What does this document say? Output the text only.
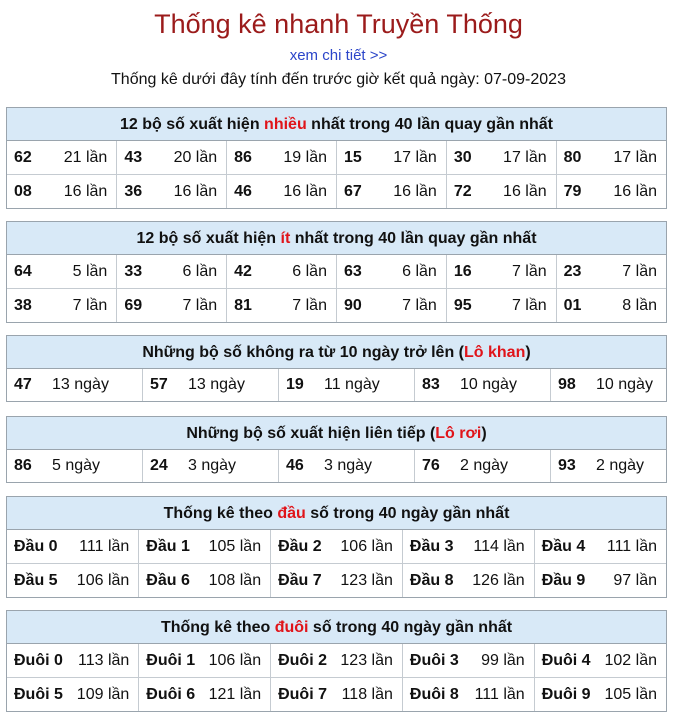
Thống kê nhanh Truyền Thống
xem chi tiết >>
Thống kê dưới đây tính đến trước giờ kết quả ngày: 07-09-2023
12 bộ số xuất hiện nhiều nhất trong 40 lần quay gần nhất
62 21 lần	43 20 lần	86 19 lần	15 17 lần	30 17 lần	80 17 lần

08 16 lần	36 16 lần	46 16 lần	67 16 lần	72 16 lần	79 16 lần
12 bộ số xuất hiện ít nhất trong 40 lần quay gần nhất
64 5 lần	33 6 lần	42 6 lần	63 6 lần	16 7 lần	23 7 lần

38 7 lần	69 7 lần	81 7 lần	90 7 lần	95 7 lần	01 8 lần
Những bộ số không ra từ 10 ngày trở lên (Lô khan)
47 13 ngày	57 13 ngày	19 11 ngày	83 10 ngày	98 10 ngày	
Những bộ số xuất hiện liên tiếp (Lô rơi)
86 5 ngày	24 3 ngày	46 3 ngày	76 2 ngày	93 2 ngày	
Thống kê theo đầu số trong 40 ngày gần nhất
Đầu 0 111 lần	Đầu 1 105 lần	Đầu 2 106 lần	Đầu 3 114 lần	Đầu 4 111 lần

Đầu 5 106 lần	Đầu 6 108 lần	Đầu 7 123 lần	Đầu 8 126 lần	Đầu 9 97 lần
Thống kê theo đuôi số trong 40 ngày gần nhất
Đuôi 0 113 lần	Đuôi 1 106 lần	Đuôi 2 123 lần	Đuôi 3 99 lần	Đuôi 4 102 lần

Đuôi 5 109 lần	Đuôi 6 121 lần	Đuôi 7 118 lần	Đuôi 8 111 lần	Đuôi 9 105 lần
